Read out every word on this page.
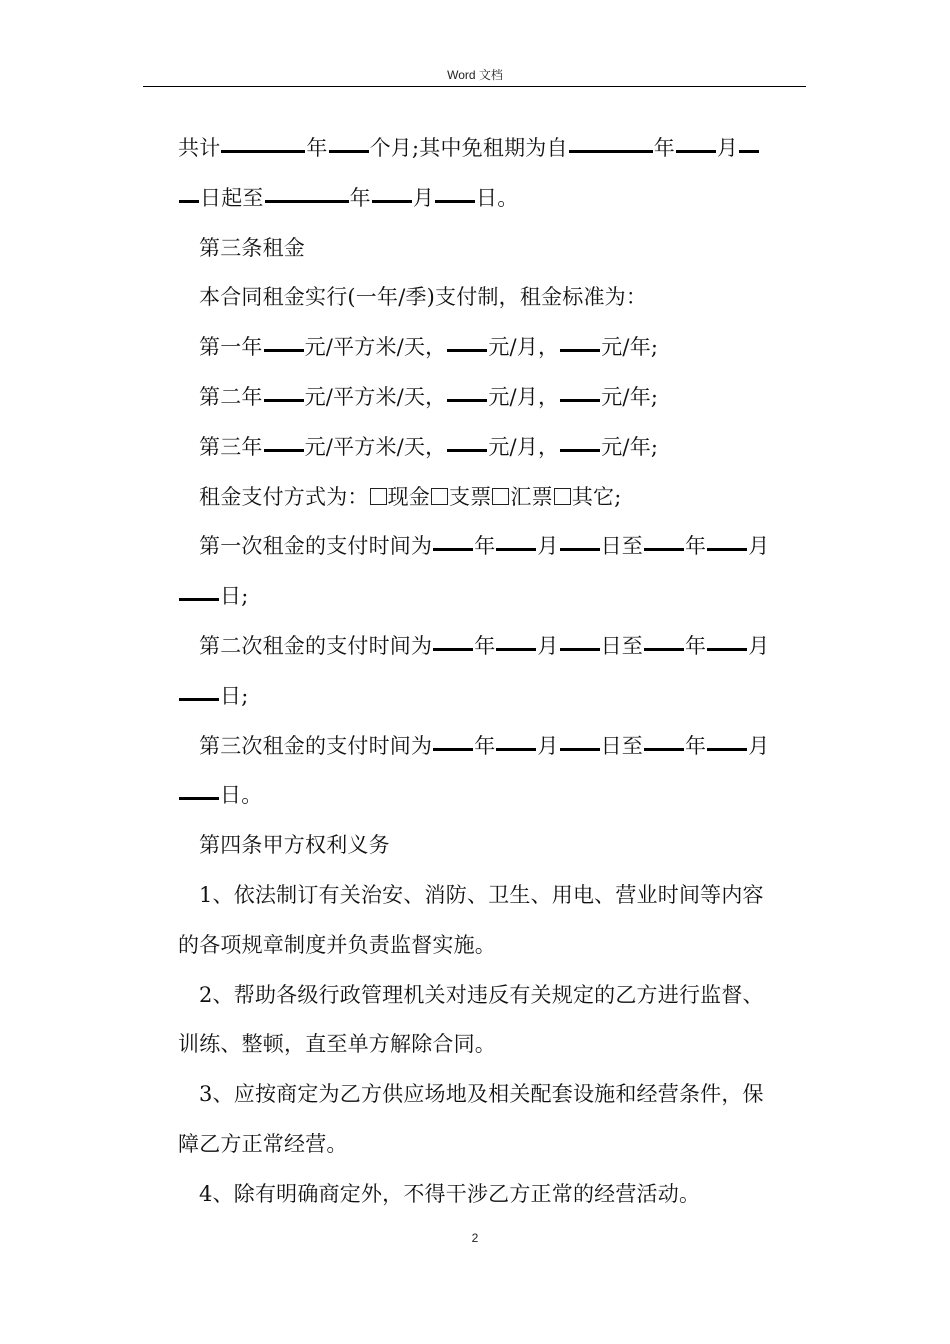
Word 文档
共计	年 个月;其中免租期为自	年 月
日起至	年 月 日。
第三条租金
本合同租金实行(一年/季)支付制，租金标准为：
第一年 元/平方米/天， 元/月， 元/年;
第二年 元/平方米/天， 元/月， 元/年;
第三年 元/平方米/天， 元/月， 元/年;
租金支付方式为： 现金 支票 汇票 其它;
第一次租金的支付时间为 年 月 日至 年 月
日;
第二次租金的支付时间为 年 月 日至 年 月
日;
第三次租金的支付时间为 年 月 日至 年 月
日。
第四条甲方权利义务
1、依法制订有关治安、消防、卫生、用电、营业时间等内容
的各项规章制度并负责监督实施。
2、帮助各级行政管理机关对违反有关规定的乙方进行监督、
训练、整顿，直至单方解除合同。
3、应按商定为乙方供应场地及相关配套设施和经营条件，保
障乙方正常经营。
4、除有明确商定外，不得干涉乙方正常的经营活动。
2
